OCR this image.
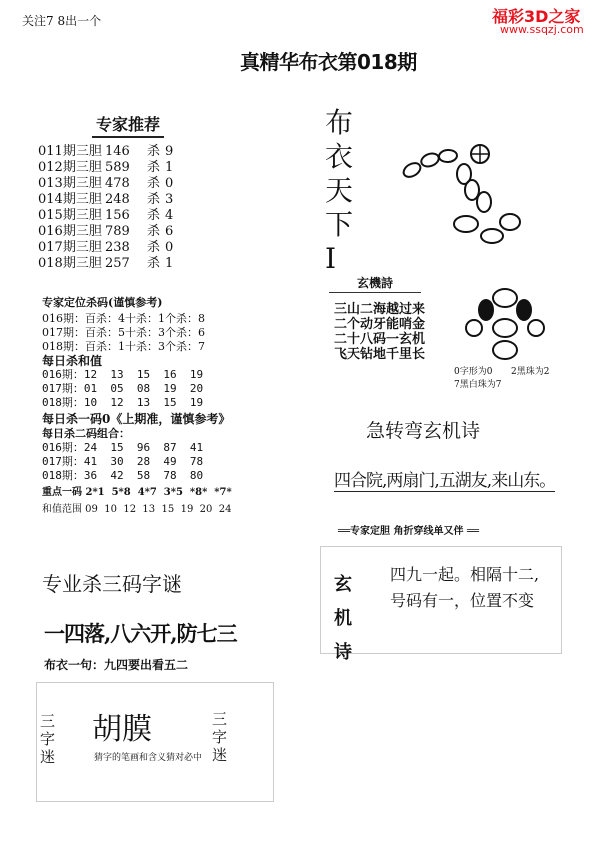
关注7 8出一个	福彩3D之家
www.ssqzj.com
真精华布衣第018期
专家推荐
011期三胆 146 杀 9
012期三胆 589 杀 1
013期三胆 478 杀 0
014期三胆 248 杀 3
015期三胆 156 杀 4
016期三胆 789 杀 6
017期三胆 238 杀 0
018期三胆 257 杀 1
专家定位杀码(谨慎参考)
016期：百杀：4十杀：1个杀：8
017期：百杀：5十杀：3个杀：6
018期：百杀：1十杀：3个杀：7
每日杀和值
016期：12  13  15  16  19
017期：01  05  08  19  20
018期：10  12  13  15  19
每日杀一码0《上期准，谨慎参考》
每日杀二码组合：
016期：24  15  96  87  41
017期：41  30  28  49  78
018期：36  42  58  78  80
重点一码 2*1  5*8  4*7  3*5  *8*  *7*
和值范围 09  10  12  13  15  19  20  24
专业杀三码字谜
一四落,八六开,防七三
布衣一句：九四要出看五二
三字迷
胡膜
猜字的笔画和含义猜对必中
三字迷
布衣天下I
玄機詩
三山二海越过来
二个动牙能哨金
二十八码一玄机
飞天钻地千里长
0字形为0 2黑珠为2
7黑白珠为7
急转弯玄机诗
四合院,两扇门,五湖友,来山东。
══专家定胆 角折穿线单又伴 ══
玄机诗
四九一起。相隔十二,
号码有一，位置不变
